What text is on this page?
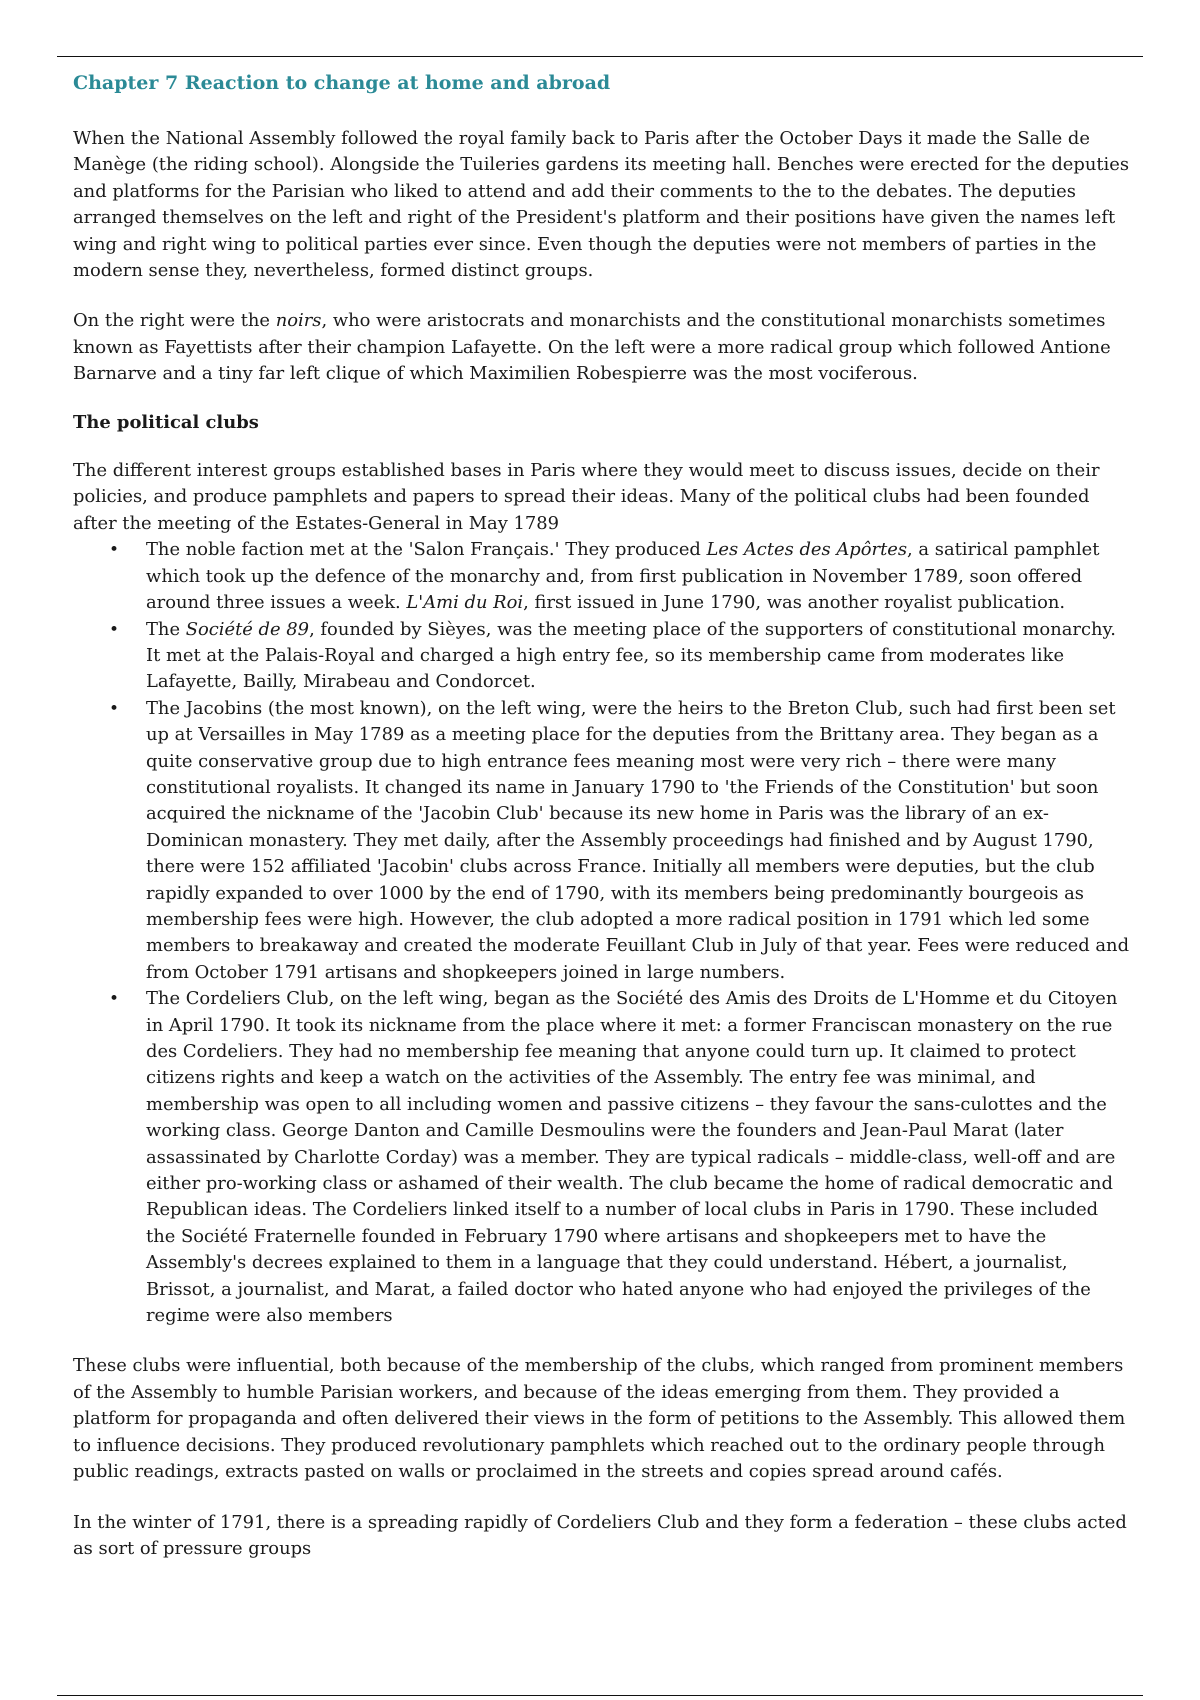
Chapter 7 Reaction to change at home and abroad

When the National Assembly followed the royal family back to Paris after the October Days it made the Salle de Manège (the riding school). Alongside the Tuileries gardens its meeting hall. Benches were erected for the deputies and platforms for the Parisian who liked to attend and add their comments to the to the debates. The deputies arranged themselves on the left and right of the President's platform and their positions have given the names left wing and right wing to political parties ever since. Even though the deputies were not members of parties in the modern sense they, nevertheless, formed distinct groups.

On the right were the noirs, who were aristocrats and monarchists and the constitutional monarchists sometimes known as Fayettists after their champion Lafayette. On the left were a more radical group which followed Antione Barnarve and a tiny far left clique of which Maximilien Robespierre was the most vociferous.

The political clubs

The different interest groups established bases in Paris where they would meet to discuss issues, decide on their policies, and produce pamphlets and papers to spread their ideas. Many of the political clubs had been founded after the meeting of the Estates-General in May 1789

• The noble faction met at the 'Salon Français.' They produced Les Actes des Apôrtes, a satirical pamphlet which took up the defence of the monarchy and, from first publication in November 1789, soon offered around three issues a week. L'Ami du Roi, first issued in June 1790, was another royalist publication.
• The Société de 89, founded by Sièyes, was the meeting place of the supporters of constitutional monarchy. It met at the Palais-Royal and charged a high entry fee, so its membership came from moderates like Lafayette, Bailly, Mirabeau and Condorcet.
• The Jacobins (the most known), on the left wing, were the heirs to the Breton Club, such had first been set up at Versailles in May 1789 as a meeting place for the deputies from the Brittany area. They began as a quite conservative group due to high entrance fees meaning most were very rich – there were many constitutional royalists. It changed its name in January 1790 to 'the Friends of the Constitution' but soon acquired the nickname of the 'Jacobin Club' because its new home in Paris was the library of an ex-Dominican monastery. They met daily, after the Assembly proceedings had finished and by August 1790, there were 152 affiliated 'Jacobin' clubs across France. Initially all members were deputies, but the club rapidly expanded to over 1000 by the end of 1790, with its members being predominantly bourgeois as membership fees were high. However, the club adopted a more radical position in 1791 which led some members to breakaway and created the moderate Feuillant Club in July of that year. Fees were reduced and from October 1791 artisans and shopkeepers joined in large numbers.
• The Cordeliers Club, on the left wing, began as the Société des Amis des Droits de L'Homme et du Citoyen in April 1790. It took its nickname from the place where it met: a former Franciscan monastery on the rue des Cordeliers. They had no membership fee meaning that anyone could turn up. It claimed to protect citizens rights and keep a watch on the activities of the Assembly. The entry fee was minimal, and membership was open to all including women and passive citizens – they favour the sans-culottes and the working class. George Danton and Camille Desmoulins were the founders and Jean-Paul Marat (later assassinated by Charlotte Corday) was a member. They are typical radicals – middle-class, well-off and are either pro-working class or ashamed of their wealth. The club became the home of radical democratic and Republican ideas. The Cordeliers linked itself to a number of local clubs in Paris in 1790. These included the Société Fraternelle founded in February 1790 where artisans and shopkeepers met to have the Assembly's decrees explained to them in a language that they could understand. Hébert, a journalist, Brissot, a journalist, and Marat, a failed doctor who hated anyone who had enjoyed the privileges of the regime were also members

These clubs were influential, both because of the membership of the clubs, which ranged from prominent members of the Assembly to humble Parisian workers, and because of the ideas emerging from them. They provided a platform for propaganda and often delivered their views in the form of petitions to the Assembly. This allowed them to influence decisions. They produced revolutionary pamphlets which reached out to the ordinary people through public readings, extracts pasted on walls or proclaimed in the streets and copies spread around cafés.

In the winter of 1791, there is a spreading rapidly of Cordeliers Club and they form a federation – these clubs acted as sort of pressure groups
